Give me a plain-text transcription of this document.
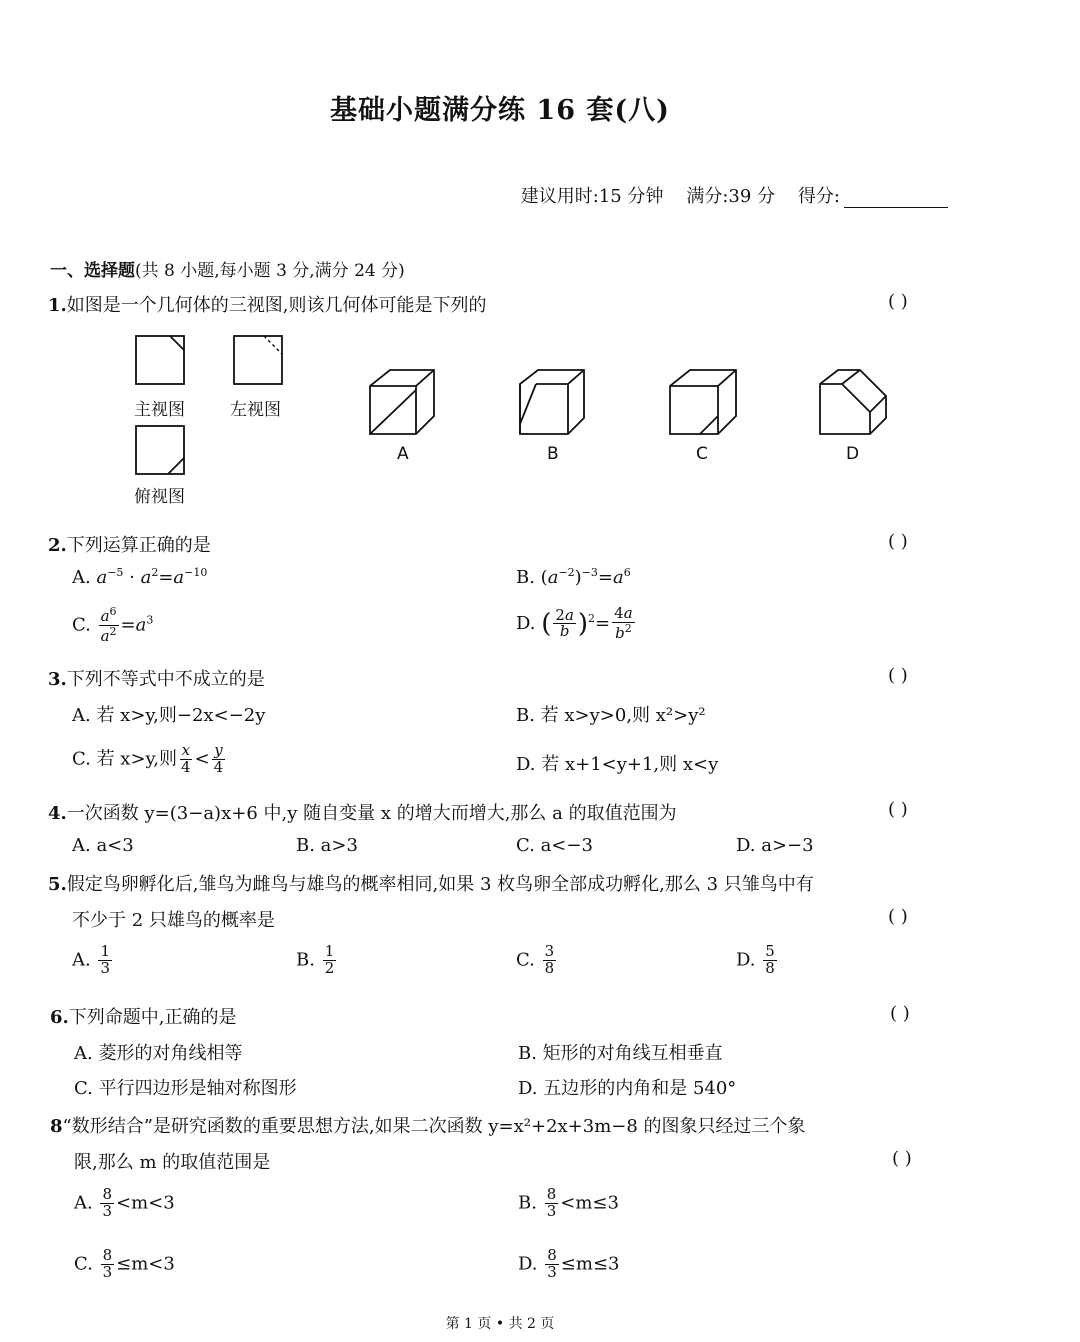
基础小题满分练 16 套(八)
建议用时:15 分钟 满分:39 分 得分:
一、选择题(共 8 小题,每小题 3 分,满分 24 分)
1.如图是一个几何体的三视图,则该几何体可能是下列的	( )
主视图	左视图
俯视图
A	B	C	D
2.下列运算正确的是	( )
A. $a^{-5} \cdot a^2=a^{-10}$	B. $(a^{-2})^{-3}=a^6$
C. $\frac{a^6}{a^2} =a^3$	D. ( $\frac{2a}{b} )^2= \frac{4a}{b^2}$
3.下列不等式中不成立的是	( )
A. 若 x>y,则−2x<−2y	B. 若 x>y>0,则 x²>y²
C. 若 x>y,则 $\frac{x}{4} < \frac{y}{4}$	D. 若 x+1<y+1,则 x<y
4.一次函数 y=(3−a)x+6 中,y 随自变量 x 的增大而增大,那么 a 的取值范围为	( )
A. a<3	B. a>3	C. a<−3	D. a>−3
5.假定鸟卵孵化后,雏鸟为雌鸟与雄鸟的概率相同,如果 3 枚鸟卵全部成功孵化,那么 3 只雏鸟中有
不少于 2 只雄鸟的概率是	( )
A. $\frac{1}{3}$	B. $\frac{1}{2}$	C. $\frac{3}{8}$	D. $\frac{5}{8}$
6.下列命题中,正确的是	( )
A. 菱形的对角线相等	B. 矩形的对角线互相垂直
C. 平行四边形是轴对称图形	D. 五边形的内角和是 540°
8“数形结合”是研究函数的重要思想方法,如果二次函数 y=x²+2x+3m−8 的图象只经过三个象
限,那么 m 的取值范围是	( )
A. $\frac{8}{3} <m<3$	B. $\frac{8}{3} <m\le 3$
C. $\frac{8}{3} \le m<3$	D. $\frac{8}{3} \le m\le 3$
第 1 页 • 共 2 页
